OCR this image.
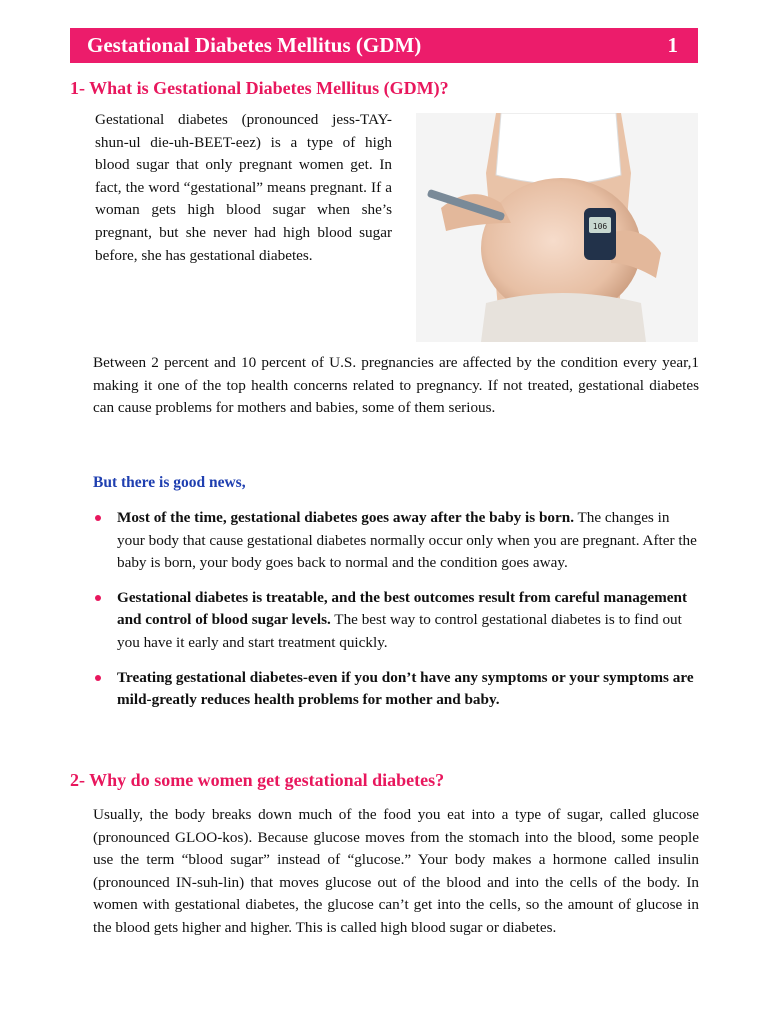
Gestational Diabetes Mellitus (GDM)	1
1- What is Gestational Diabetes Mellitus (GDM)?

Gestational diabetes (pronounced jess-TAY-shun-ul die-uh-BEET-eez) is a type of high blood sugar that only pregnant women get. In fact, the word “gestational” means pregnant. If a woman gets high blood sugar when she’s pregnant, but she never had high blood sugar before, she has gestational diabetes.

106

Between 2 percent and 10 percent of U.S. pregnancies are affected by the condition every year,1 making it one of the top health concerns related to pregnancy. If not treated, gestational diabetes can cause problems for mothers and babies, some of them serious.

But there is good news,
Most of the time, gestational diabetes goes away after the baby is born. The changes in your body that cause gestational diabetes normally occur only when you are pregnant. After the baby is born, your body goes back to normal and the condition goes away.
Gestational diabetes is treatable, and the best outcomes result from careful management and control of blood sugar levels. The best way to control gestational diabetes is to find out you have it early and start treatment quickly.
Treating gestational diabetes-even if you don’t have any symptoms or your symptoms are mild-greatly reduces health problems for mother and baby.
2- Why do some women get gestational diabetes?

Usually, the body breaks down much of the food you eat into a type of sugar, called glucose (pronounced GLOO-kos). Because glucose moves from the stomach into the blood, some people use the term “blood sugar” instead of “glucose.” Your body makes a hormone called insulin (pronounced IN-suh-lin) that moves glucose out of the blood and into the cells of the body. In women with gestational diabetes, the glucose can’t get into the cells, so the amount of glucose in the blood gets higher and higher. This is called high blood sugar or diabetes.
